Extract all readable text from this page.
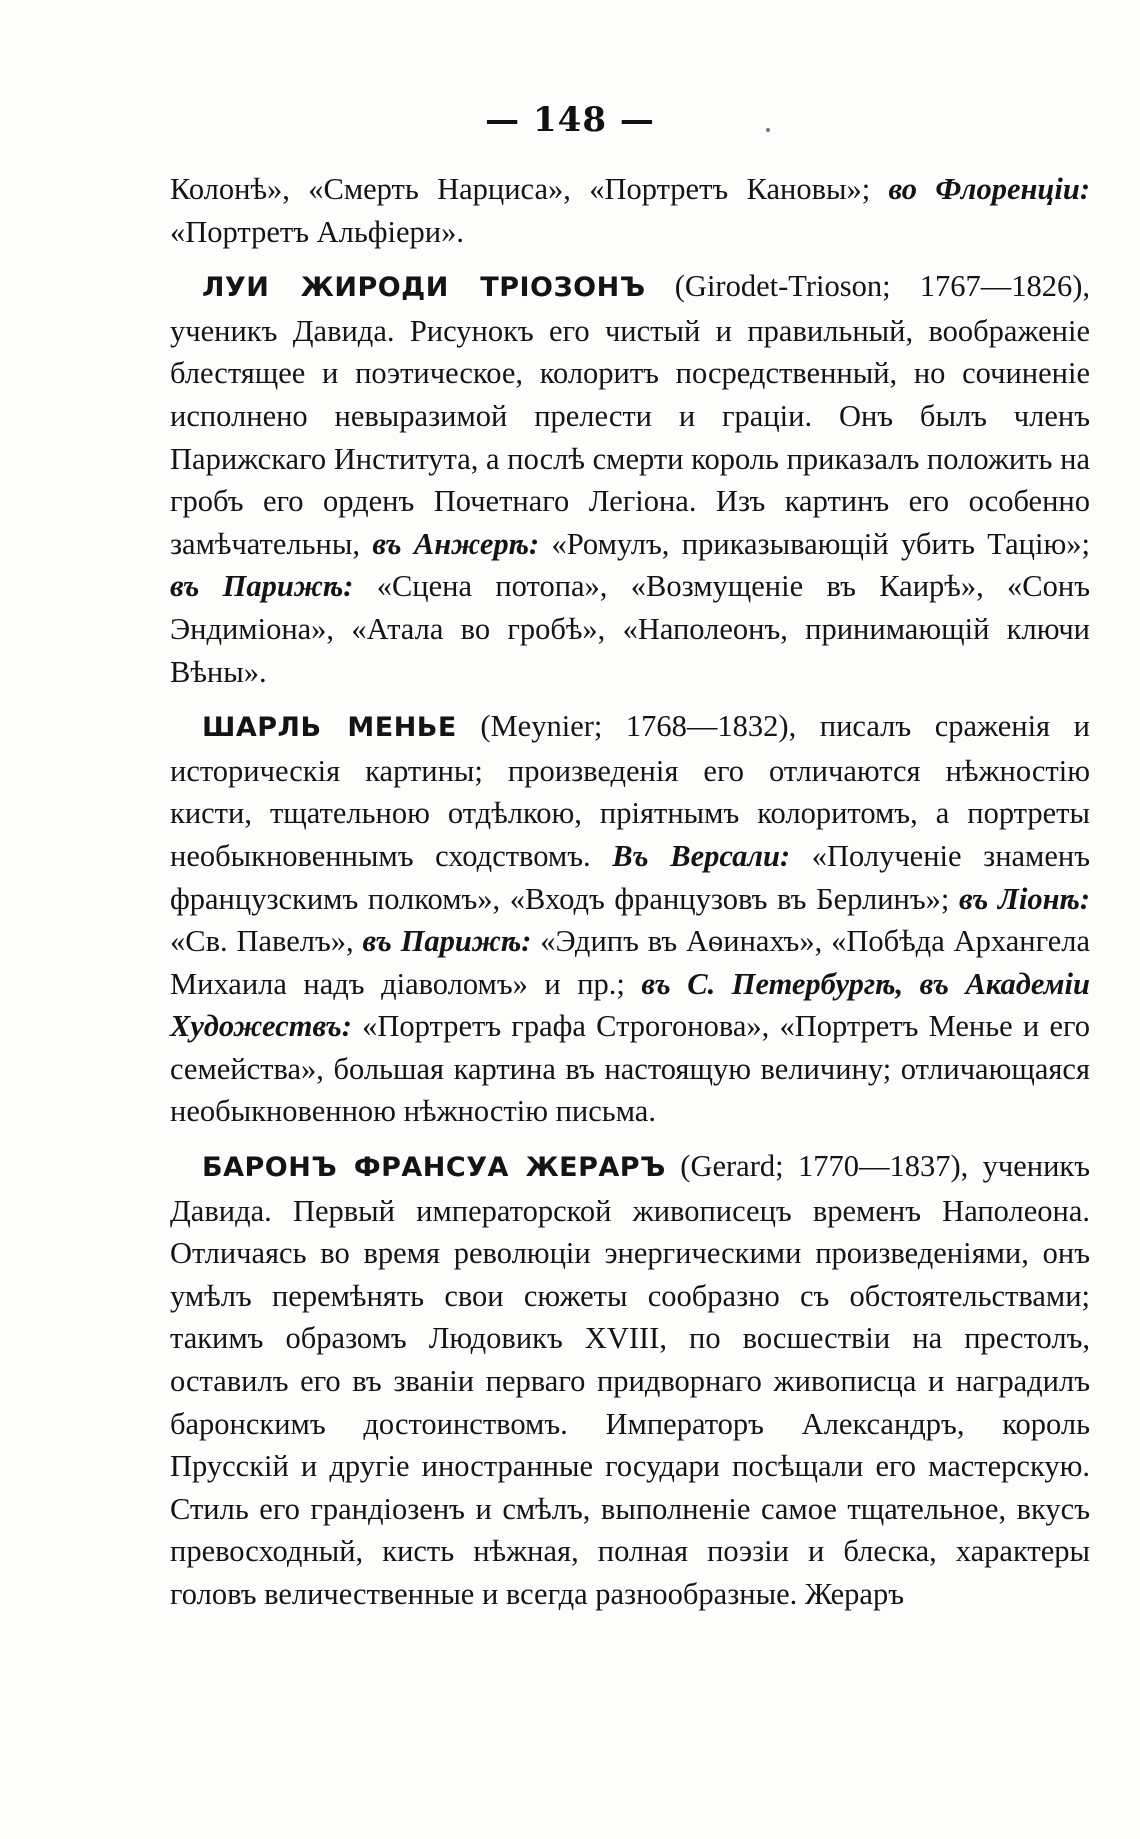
— 148 —

Колонѣ», «Смерть Нарциса», «Портретъ Кановы»; во Флоренціи: «Портретъ Альфіери».

ЛУИ ЖИРОДИ ТРІОЗОНЪ (Girodet-Trioson; 1767—1826), ученикъ Давида. Рисунокъ его чистый и правильный, воображеніе блестящее и поэтическое, колоритъ посредственный, но сочиненіе исполнено невыразимой прелести и граціи. Онъ былъ членъ Парижскаго Института, а послѣ смерти король приказалъ положить на гробъ его орденъ Почетнаго Легіона. Изъ картинъ его особенно замѣчательны, въ Анжерѣ: «Ромулъ, приказывающій убить Тацію»; въ Парижѣ: «Сцена потопа», «Возмущеніе въ Каирѣ», «Сонъ Эндиміона», «Атала во гробѣ», «Наполеонъ, принимающій ключи Вѣны».

ШАРЛЬ МЕНЬЕ (Meynier; 1768—1832), писалъ сраженія и историческія картины; произведенія его отличаются нѣжностію кисти, тщательною отдѣлкою, пріятнымъ колоритомъ, а портреты необыкновеннымъ сходствомъ. Въ Версали: «Полученіе знаменъ французскимъ полкомъ», «Входъ французовъ въ Берлинъ»; въ Ліонѣ: «Св. Павелъ», въ Парижѣ: «Эдипъ въ Аѳинахъ», «Побѣда Архангела Михаила надъ діаволомъ» и пр.; въ С. Петербургѣ, въ Академіи Художествъ: «Портретъ графа Строгонова», «Портретъ Менье и его семейства», большая картина въ настоящую величину; отличающаяся необыкновенною нѣжностію письма.

БАРОНЪ ФРАНСУА ЖЕРАРЪ (Gerard; 1770—1837), ученикъ Давида. Первый императорской живописецъ временъ Наполеона. Отличаясь во время революціи энергическими произведеніями, онъ умѣлъ перемѣнять свои сюжеты сообразно съ обстоятельствами; такимъ образомъ Людовикъ XVIII, по восшествіи на престолъ, оставилъ его въ званіи перваго придворнаго живописца и наградилъ баронскимъ достоинствомъ. Императоръ Александръ, король Прусскій и другіе иностранные государи посѣщали его мастерскую. Стиль его грандіозенъ и смѣлъ, выполненіе самое тщательное, вкусъ превосходный, кисть нѣжная, полная поэзіи и блеска, характеры головъ величественные и всегда разнообразные. Жераръ
